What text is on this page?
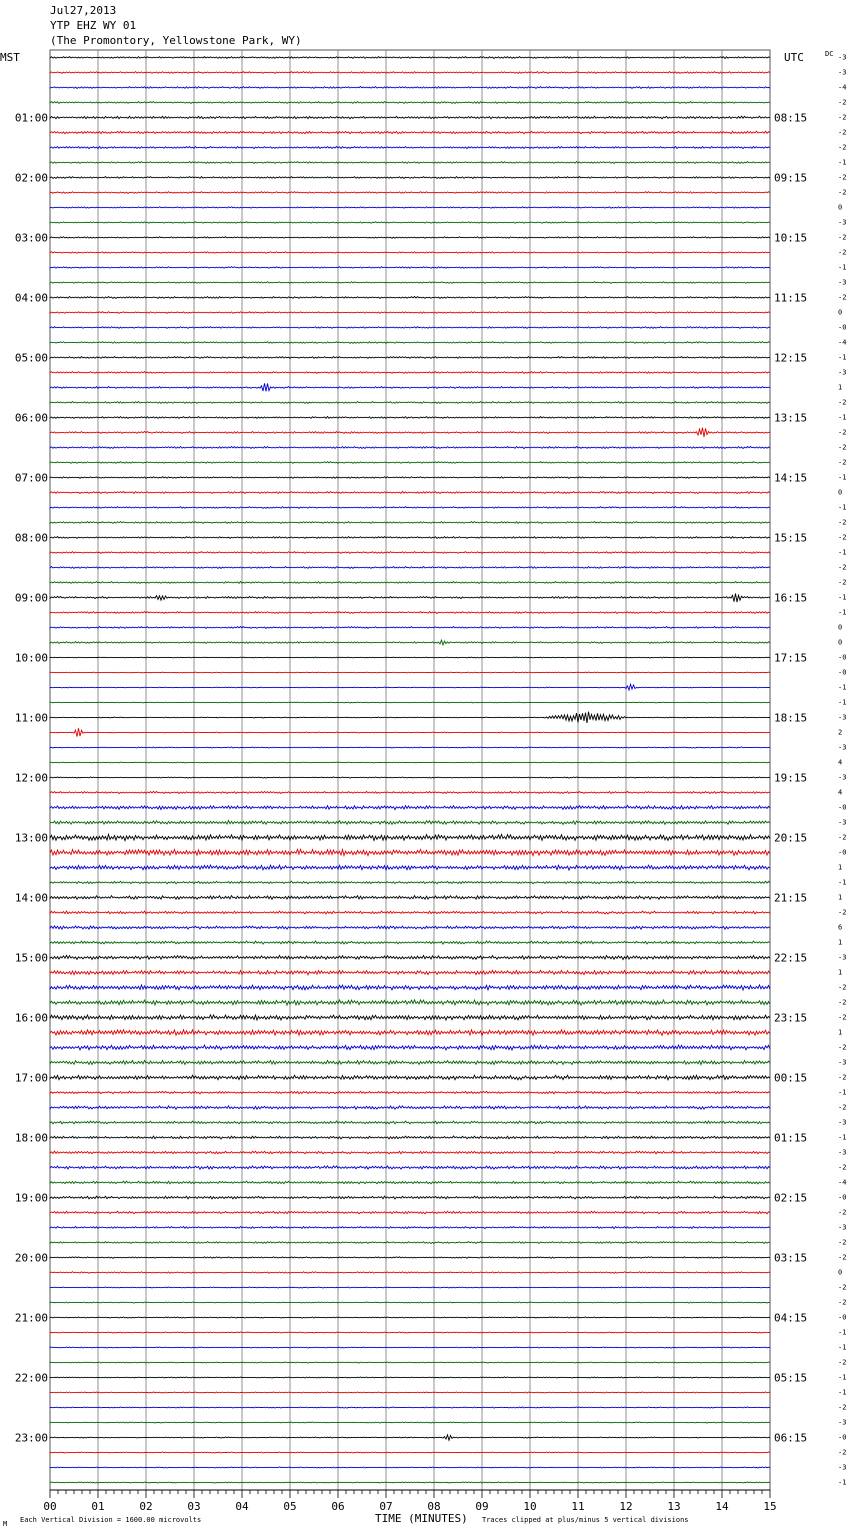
Jul27,2013
YTP EHZ WY 01
(The Promontory, Yellowstone Park, WY)
MST	UTC	DC
01:00	08:15
02:00	09:15
03:00	10:15
04:00	11:15
05:00	12:15
06:00	13:15
07:00	14:15
08:00	15:15
09:00	16:15
10:00	17:15
11:00	18:15
12:00	19:15
13:00	20:15
14:00	21:15
15:00	22:15
16:00	23:15
17:00	00:15
18:00	01:15
19:00	02:15
20:00	03:15
21:00	04:15
22:00	05:15
23:00	06:15
-3
-3
-4
-2
-2
-2
-2
-1
-2
-2
0
-3
-2
-2
-1
-3
-2
0
-0
-4
-1
-3
1
-2
-1
-2
-2
-2
-1
0
-1
-2
-2
-1
-2
-2
-1
-1
0
0
-0
-0
-1
-1
-3
2
-3
4
-3
4
-0
-3
-2
-0
1
-1
1
-2
6
1
-3
1
-2
-2
-2
1
-2
-3
-2
-1
-2
-3
-1
-3
-2
-4
-0
-2
-3
-2
-2
0
-2
-2
-0
-1
-1
-2
-1
-1
-2
-3
-0
-2
-3
-1
00	01	02	03	04	05	06	07	08	09	10	11	12	13	14	15
M Each Vertical Division = 1600.00 microvolts	TIME (MINUTES) Traces clipped at plus/minus 5 vertical divisions
